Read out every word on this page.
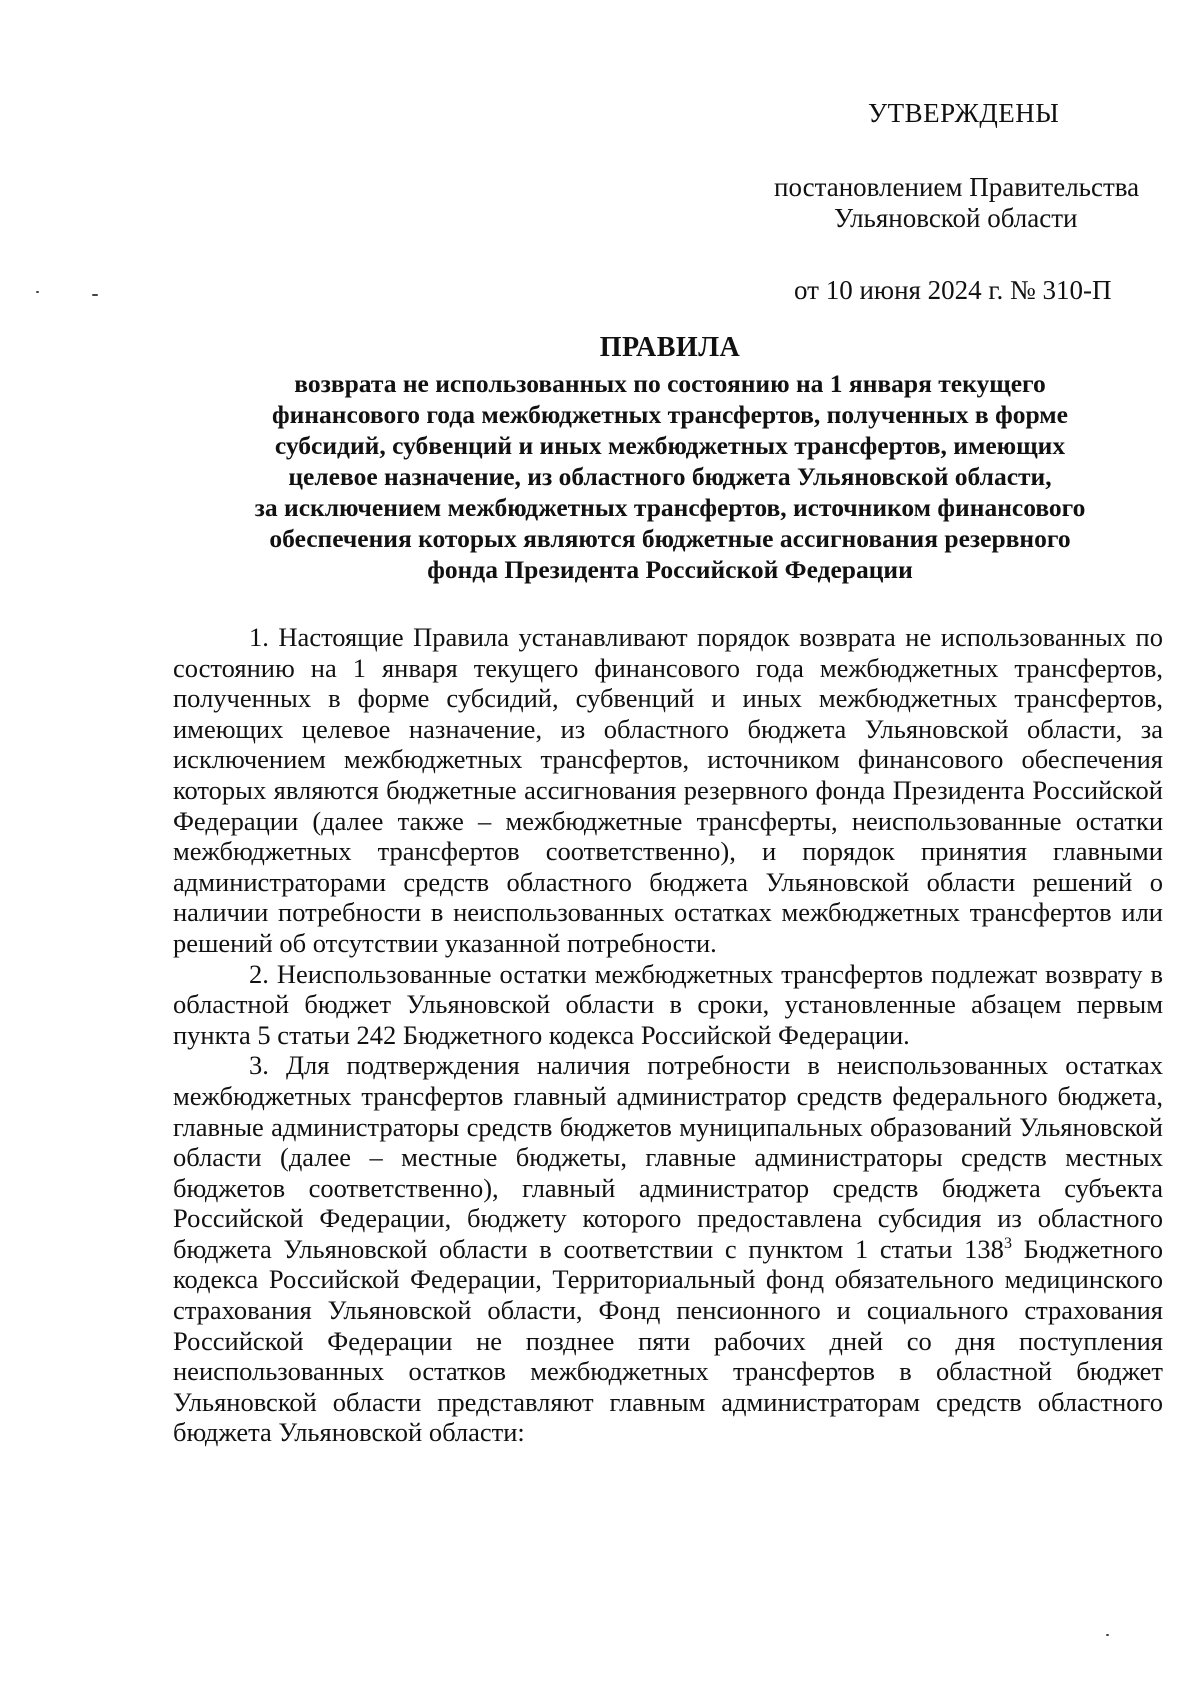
УТВЕРЖДЕНЫ
постановлением Правительства
Ульяновской области
от 10 июня 2024 г. № 310-П
ПРАВИЛА
возврата не использованных по состоянию на 1 января текущего
финансового года межбюджетных трансфертов, полученных в форме
субсидий, субвенций и иных межбюджетных трансфертов, имеющих
целевое назначение, из областного бюджета Ульяновской области,
за исключением межбюджетных трансфертов, источником финансового
обеспечения которых являются бюджетные ассигнования резервного
фонда Президента Российской Федерации

1. Настоящие Правила устанавливают порядок возврата не использованных по состоянию на 1 января текущего финансового года межбюджетных трансфертов, полученных в форме субсидий, субвенций и иных межбюджетных трансфертов, имеющих целевое назначение, из областного бюджета Ульяновской области, за исключением межбюджетных трансфертов, источником финансового обеспечения которых являются бюджетные ассигнования резервного фонда Президента Российской Федерации (далее также – межбюджетные трансферты, неиспользованные остатки межбюджетных трансфертов соответственно), и порядок принятия главными администраторами средств областного бюджета Ульяновской области решений о наличии потребности в неиспользованных остатках межбюджетных трансфертов или решений об отсутствии указанной потребности.

2. Неиспользованные остатки межбюджетных трансфертов подлежат возврату в областной бюджет Ульяновской области в сроки, установленные абзацем первым пункта 5 статьи 242 Бюджетного кодекса Российской Федерации.

3. Для подтверждения наличия потребности в неиспользованных остатках межбюджетных трансфертов главный администратор средств федерального бюджета, главные администраторы средств бюджетов муниципальных образований Ульяновской области (далее – местные бюджеты, главные администраторы средств местных бюджетов соответственно), главный администратор средств бюджета субъекта Российской Федерации, бюджету которого предоставлена субсидия из областного бюджета Ульяновской области в соответствии с пунктом 1 статьи $138^3$ Бюджетного кодекса Российской Федерации, Территориальный фонд обязательного медицинского страхования Ульяновской области, Фонд пенсионного и социального страхования Российской Федерации не позднее пяти рабочих дней со дня поступления неиспользованных остатков межбюджетных трансфертов в областной бюджет Ульяновской области представляют главным администраторам средств областного бюджета Ульяновской области:
